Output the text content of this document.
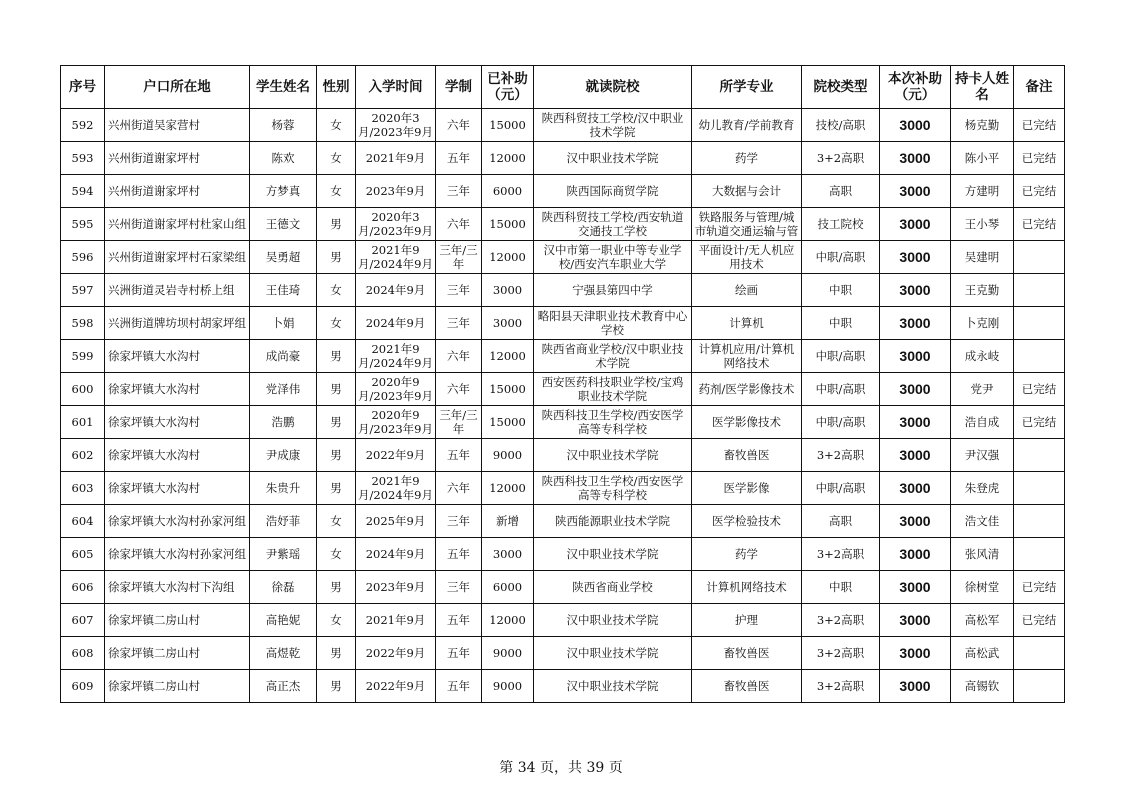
序号	户口所在地	学生姓名	性别	入学时间	学制	已补助（元）	就读院校	所学专业	院校类型	本次补助（元）	持卡人姓名	备注
592	兴州街道吴家营村	杨蓉	女	2020年3月/2023年9月	六年	15000	陕西科贸技工学校/汉中职业技术学院	幼儿教育/学前教育	技校/高职	3000	杨克勤	已完结
593	兴州街道谢家坪村	陈欢	女	2021年9月	五年	12000	汉中职业技术学院	药学	3+2高职	3000	陈小平	已完结
594	兴州街道谢家坪村	方梦真	女	2023年9月	三年	6000	陕西国际商贸学院	大数据与会计	高职	3000	方建明	已完结
595	兴州街道谢家坪村杜家山组	王德文	男	2020年3月/2023年9月	六年	15000	陕西科贸技工学校/西安轨道交通技工学校	铁路服务与管理/城市轨道交通运输与管	技工院校	3000	王小琴	已完结
596	兴州街道谢家坪村石家梁组	吴勇超	男	2021年9月/2024年9月	三年/三年	12000	汉中市第一职业中等专业学校/西安汽车职业大学	平面设计/无人机应用技术	中职/高职	3000	吴建明	
597	兴洲街道灵岩寺村桥上组	王佳琦	女	2024年9月	三年	3000	宁强县第四中学	绘画	中职	3000	王克勤	
598	兴洲街道牌坊坝村胡家坪组	卜娟	女	2024年9月	三年	3000	略阳县天津职业技术教育中心学校	计算机	中职	3000	卜克刚	
599	徐家坪镇大水沟村	成尚豪	男	2021年9月/2024年9月	六年	12000	陕西省商业学校/汉中职业技术学院	计算机应用/计算机网络技术	中职/高职	3000	成永岐	
600	徐家坪镇大水沟村	党泽伟	男	2020年9月/2023年9月	六年	15000	西安医药科技职业学校/宝鸡职业技术学院	药剂/医学影像技术	中职/高职	3000	党尹	已完结
601	徐家坪镇大水沟村	浩鹏	男	2020年9月/2023年9月	三年/三年	15000	陕西科技卫生学校/西安医学高等专科学校	医学影像技术	中职/高职	3000	浩自成	已完结
602	徐家坪镇大水沟村	尹成康	男	2022年9月	五年	9000	汉中职业技术学院	畜牧兽医	3+2高职	3000	尹汉强	
603	徐家坪镇大水沟村	朱贵升	男	2021年9月/2024年9月	六年	12000	陕西科技卫生学校/西安医学高等专科学校	医学影像	中职/高职	3000	朱登虎	
604	徐家坪镇大水沟村孙家河组	浩妤菲	女	2025年9月	三年	新增	陕西能源职业技术学院	医学检验技术	高职	3000	浩文佳	
605	徐家坪镇大水沟村孙家河组	尹紫瑶	女	2024年9月	五年	3000	汉中职业技术学院	药学	3+2高职	3000	张风清	
606	徐家坪镇大水沟村下沟组	徐磊	男	2023年9月	三年	6000	陕西省商业学校	计算机网络技术	中职	3000	徐树堂	已完结
607	徐家坪镇二房山村	高艳妮	女	2021年9月	五年	12000	汉中职业技术学院	护理	3+2高职	3000	高松军	已完结
608	徐家坪镇二房山村	高煜乾	男	2022年9月	五年	9000	汉中职业技术学院	畜牧兽医	3+2高职	3000	高松武	
609	徐家坪镇二房山村	高正杰	男	2022年9月	五年	9000	汉中职业技术学院	畜牧兽医	3+2高职	3000	高锡钦	
第 34 页，共 39 页
